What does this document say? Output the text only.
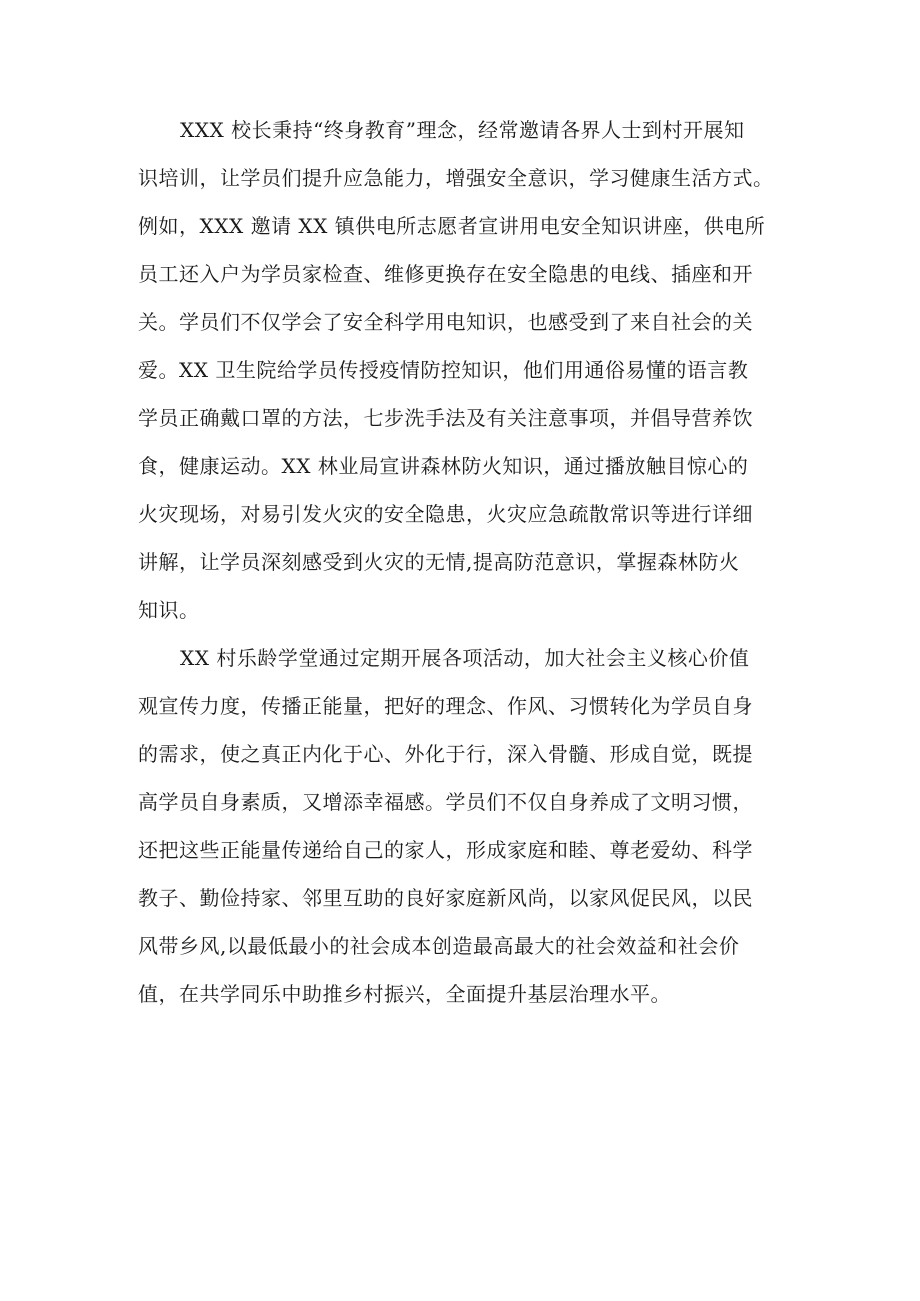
XXX 校长秉持“终身教育”理念，经常邀请各界人士到村开展知
识培训，让学员们提升应急能力，增强安全意识，学习健康生活方式。
例如，XXX 邀请 XX 镇供电所志愿者宣讲用电安全知识讲座，供电所
员工还入户为学员家检查、维修更换存在安全隐患的电线、插座和开
关。学员们不仅学会了安全科学用电知识，也感受到了来自社会的关
爱。XX 卫生院给学员传授疫情防控知识，他们用通俗易懂的语言教
学员正确戴口罩的方法，七步洗手法及有关注意事项，并倡导营养饮
食，健康运动。XX 林业局宣讲森林防火知识，通过播放触目惊心的
火灾现场，对易引发火灾的安全隐患，火灾应急疏散常识等进行详细
讲解，让学员深刻感受到火灾的无情,提高防范意识，掌握森林防火
知识。
XX 村乐龄学堂通过定期开展各项活动，加大社会主义核心价值
观宣传力度，传播正能量，把好的理念、作风、习惯转化为学员自身
的需求，使之真正内化于心、外化于行，深入骨髓、形成自觉，既提
高学员自身素质，又增添幸福感。学员们不仅自身养成了文明习惯，
还把这些正能量传递给自己的家人，形成家庭和睦、尊老爱幼、科学
教子、勤俭持家、邻里互助的良好家庭新风尚，以家风促民风，以民
风带乡风,以最低最小的社会成本创造最高最大的社会效益和社会价
值，在共学同乐中助推乡村振兴，全面提升基层治理水平。
